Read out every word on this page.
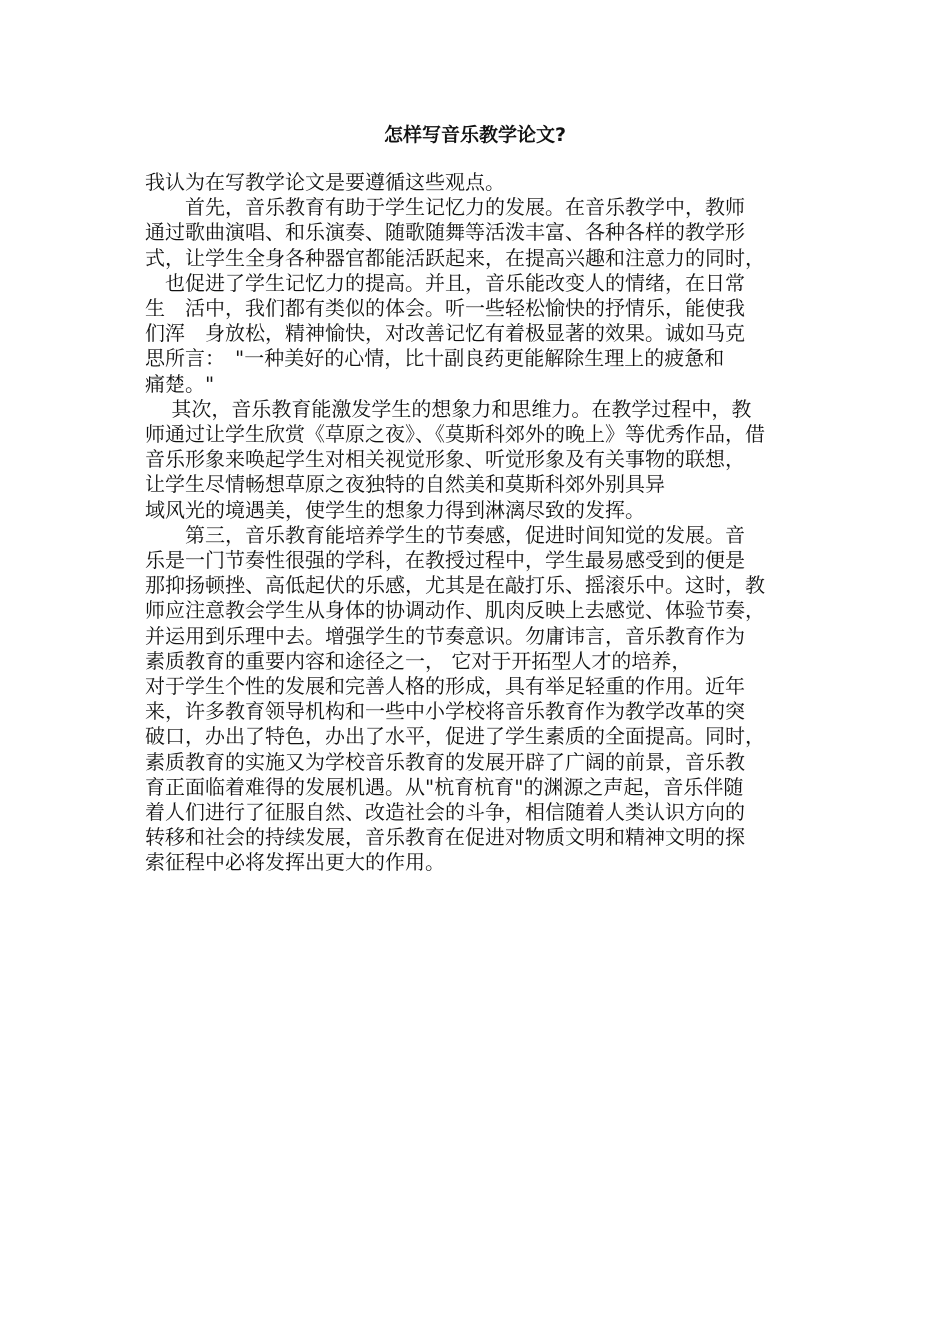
怎样写音乐教学论文?
我认为在写教学论文是要遵循这些观点。
　　首先，音乐教育有助于学生记忆力的发展。在音乐教学中，教师
通过歌曲演唱、和乐演奏、随歌随舞等活泼丰富、各种各样的教学形
式，让学生全身各种器官都能活跃起来，在提高兴趣和注意力的同时，
　也促进了学生记忆力的提高。并且，音乐能改变人的情绪，在日常
生　活中，我们都有类似的体会。听一些轻松愉快的抒情乐，能使我
们浑　身放松，精神愉快，对改善记忆有着极显著的效果。诚如马克
思所言：　"一种美好的心情，比十副良药更能解除生理上的疲惫和
痛楚。"
　 其次，音乐教育能激发学生的想象力和思维力。在教学过程中，教
师通过让学生欣赏《草原之夜》、《莫斯科郊外的晚上》等优秀作品，借
音乐形象来唤起学生对相关视觉形象、听觉形象及有关事物的联想，
让学生尽情畅想草原之夜独特的自然美和莫斯科郊外别具异
域风光的境遇美，使学生的想象力得到淋漓尽致的发挥。
　　第三，音乐教育能培养学生的节奏感，促进时间知觉的发展。音
乐是一门节奏性很强的学科，在教授过程中，学生最易感受到的便是
那抑扬顿挫、高低起伏的乐感，尤其是在敲打乐、摇滚乐中。这时，教
师应注意教会学生从身体的协调动作、肌肉反映上去感觉、体验节奏，
并运用到乐理中去。增强学生的节奏意识。勿庸讳言，音乐教育作为
素质教育的重要内容和途径之一， 它对于开拓型人才的培养，
对于学生个性的发展和完善人格的形成，具有举足轻重的作用。近年
来，许多教育领导机构和一些中小学校将音乐教育作为教学改革的突
破口，办出了特色，办出了水平，促进了学生素质的全面提高。同时，
素质教育的实施又为学校音乐教育的发展开辟了广阔的前景，音乐教
育正面临着难得的发展机遇。从"杭育杭育"的渊源之声起，音乐伴随
着人们进行了征服自然、改造社会的斗争，相信随着人类认识方向的
转移和社会的持续发展，音乐教育在促进对物质文明和精神文明的探
索征程中必将发挥出更大的作用。
